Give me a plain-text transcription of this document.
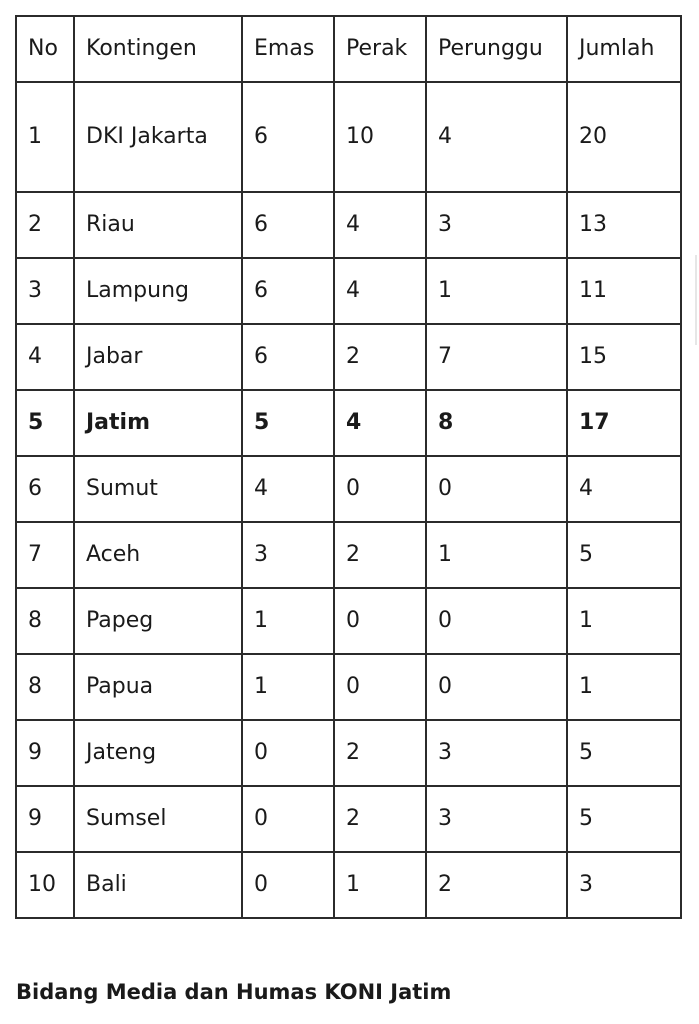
No	Kontingen	Emas	Perak	Perunggu	Jumlah
1	DKI Jakarta	6	10	4	20
2	Riau	6	4	3	13
3	Lampung	6	4	1	11
4	Jabar	6	2	7	15
5	Jatim	5	4	8	17
6	Sumut	4	0	0	4
7	Aceh	3	2	1	5
8	Papeg	1	0	0	1
8	Papua	1	0	0	1
9	Jateng	0	2	3	5
9	Sumsel	0	2	3	5
10	Bali	0	1	2	3
Bidang Media dan Humas KONI Jatim
